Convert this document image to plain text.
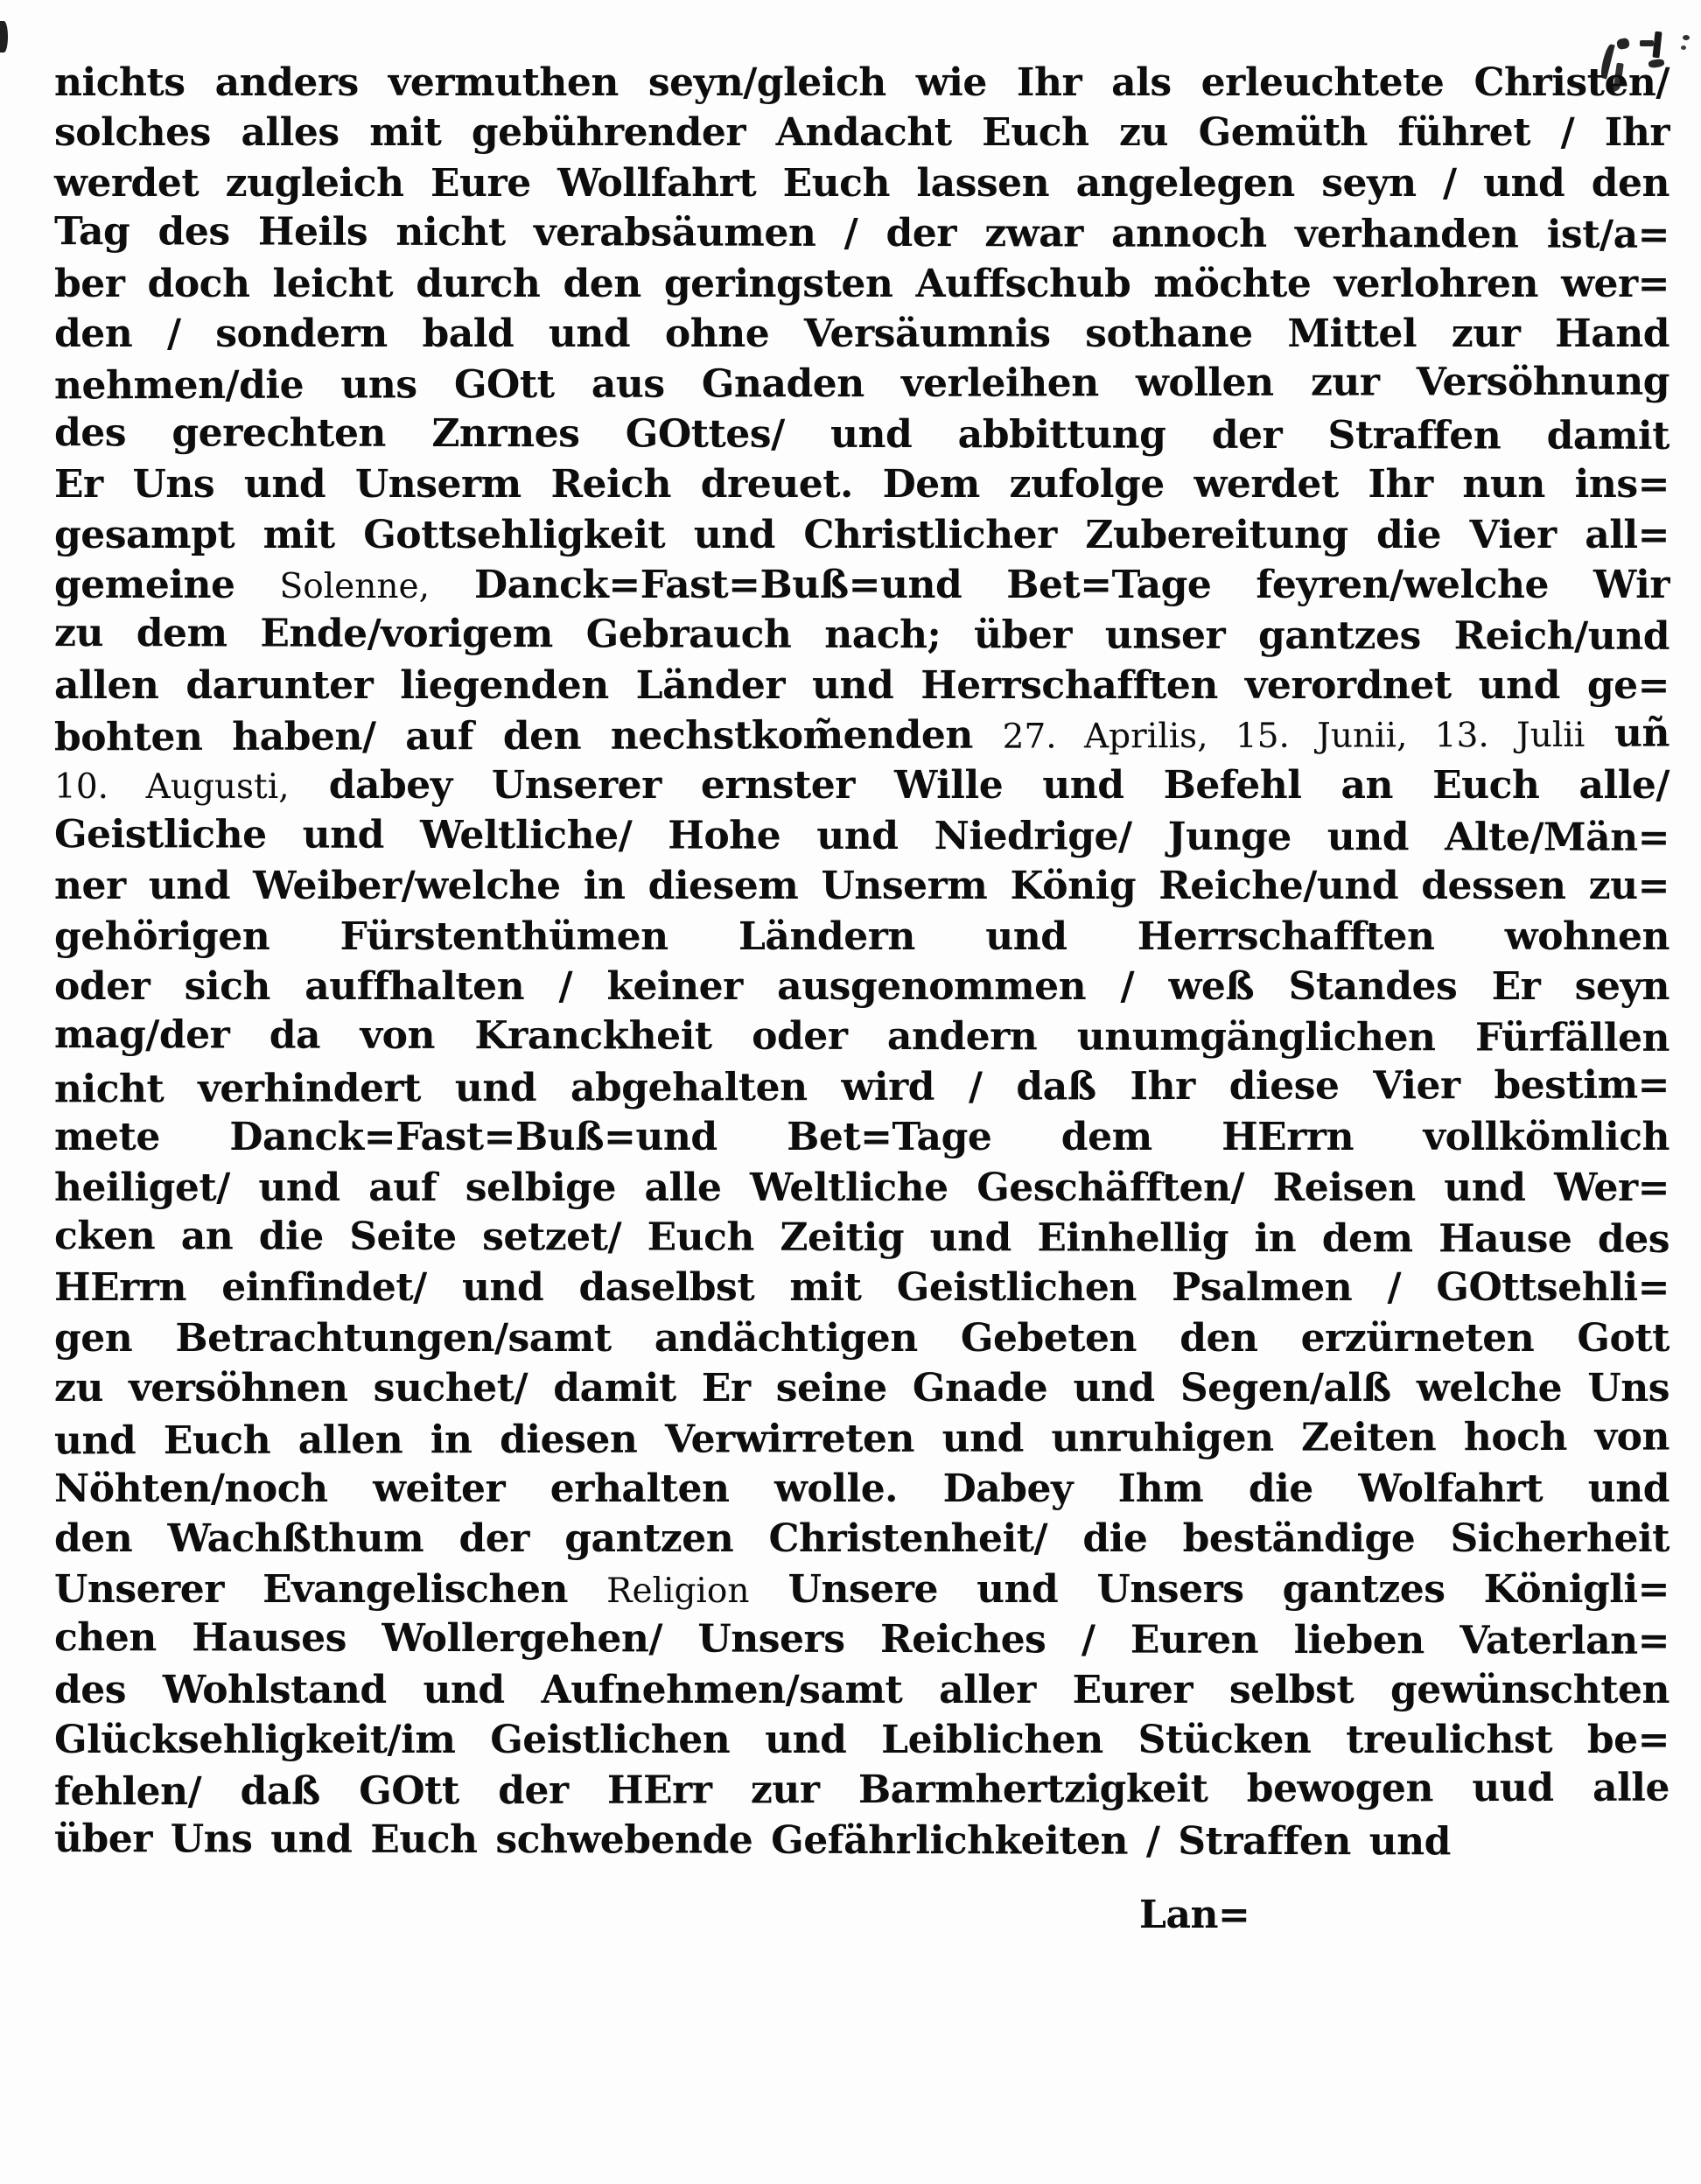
nichts anders vermuthen seyn/gleich wie Ihr als erleuchtete Christen/
solches alles mit gebührender Andacht Euch zu Gemüth führet / Ihr
werdet zugleich Eure Wollfahrt Euch lassen angelegen seyn / und den
Tag des Heils nicht verabsäumen / der zwar annoch verhanden ist/a=
ber doch leicht durch den geringsten Auffschub möchte verlohren wer=
den / sondern bald und ohne Versäumnis sothane Mittel zur Hand
nehmen/die uns GOtt aus Gnaden verleihen wollen zur Versöhnung
des gerechten Znrnes GOttes/ und abbittung der Straffen damit
Er Uns und Unserm Reich dreuet. Dem zufolge werdet Ihr nun ins=
gesampt mit Gottsehligkeit und Christlicher Zubereitung die Vier all=
gemeine Solenne, Danck=Fast=Buß=und Bet=Tage feyren/welche Wir
zu dem Ende/vorigem Gebrauch nach; über unser gantzes Reich/und
allen darunter liegenden Länder und Herrschafften verordnet und ge=
bohten haben/ auf den nechstkom̃enden 27. Aprilis, 15. Junii, 13. Julii uñ
10. Augusti, dabey Unserer ernster Wille und Befehl an Euch alle/
Geistliche und Weltliche/ Hohe und Niedrige/ Junge und Alte/Män=
ner und Weiber/welche in diesem Unserm König Reiche/und dessen zu=
gehörigen Fürstenthümen Ländern und Herrschafften wohnen
oder sich auffhalten / keiner ausgenommen / weß Standes Er seyn
mag/der da von Kranckheit oder andern unumgänglichen Fürfällen
nicht verhindert und abgehalten wird / daß Ihr diese Vier bestim=
mete Danck=Fast=Buß=und Bet=Tage dem HErrn vollkömlich
heiliget/ und auf selbige alle Weltliche Geschäfften/ Reisen und Wer=
cken an die Seite setzet/ Euch Zeitig und Einhellig in dem Hause des
HErrn einfindet/ und daselbst mit Geistlichen Psalmen / GOttsehli=
gen Betrachtungen/samt andächtigen Gebeten den erzürneten Gott
zu versöhnen suchet/ damit Er seine Gnade und Segen/alß welche Uns
und Euch allen in diesen Verwirreten und unruhigen Zeiten hoch von
Nöhten/noch weiter erhalten wolle. Dabey Ihm die Wolfahrt und
den Wachßthum der gantzen Christenheit/ die beständige Sicherheit
Unserer Evangelischen Religion Unsere und Unsers gantzes Königli=
chen Hauses Wollergehen/ Unsers Reiches / Euren lieben Vaterlan=
des Wohlstand und Aufnehmen/samt aller Eurer selbst gewünschten
Glücksehligkeit/im Geistlichen und Leiblichen Stücken treulichst be=
fehlen/ daß GOtt der HErr zur Barmhertzigkeit bewogen uud alle
über Uns und Euch schwebende Gefährlichkeiten / Straffen und
Lan=
